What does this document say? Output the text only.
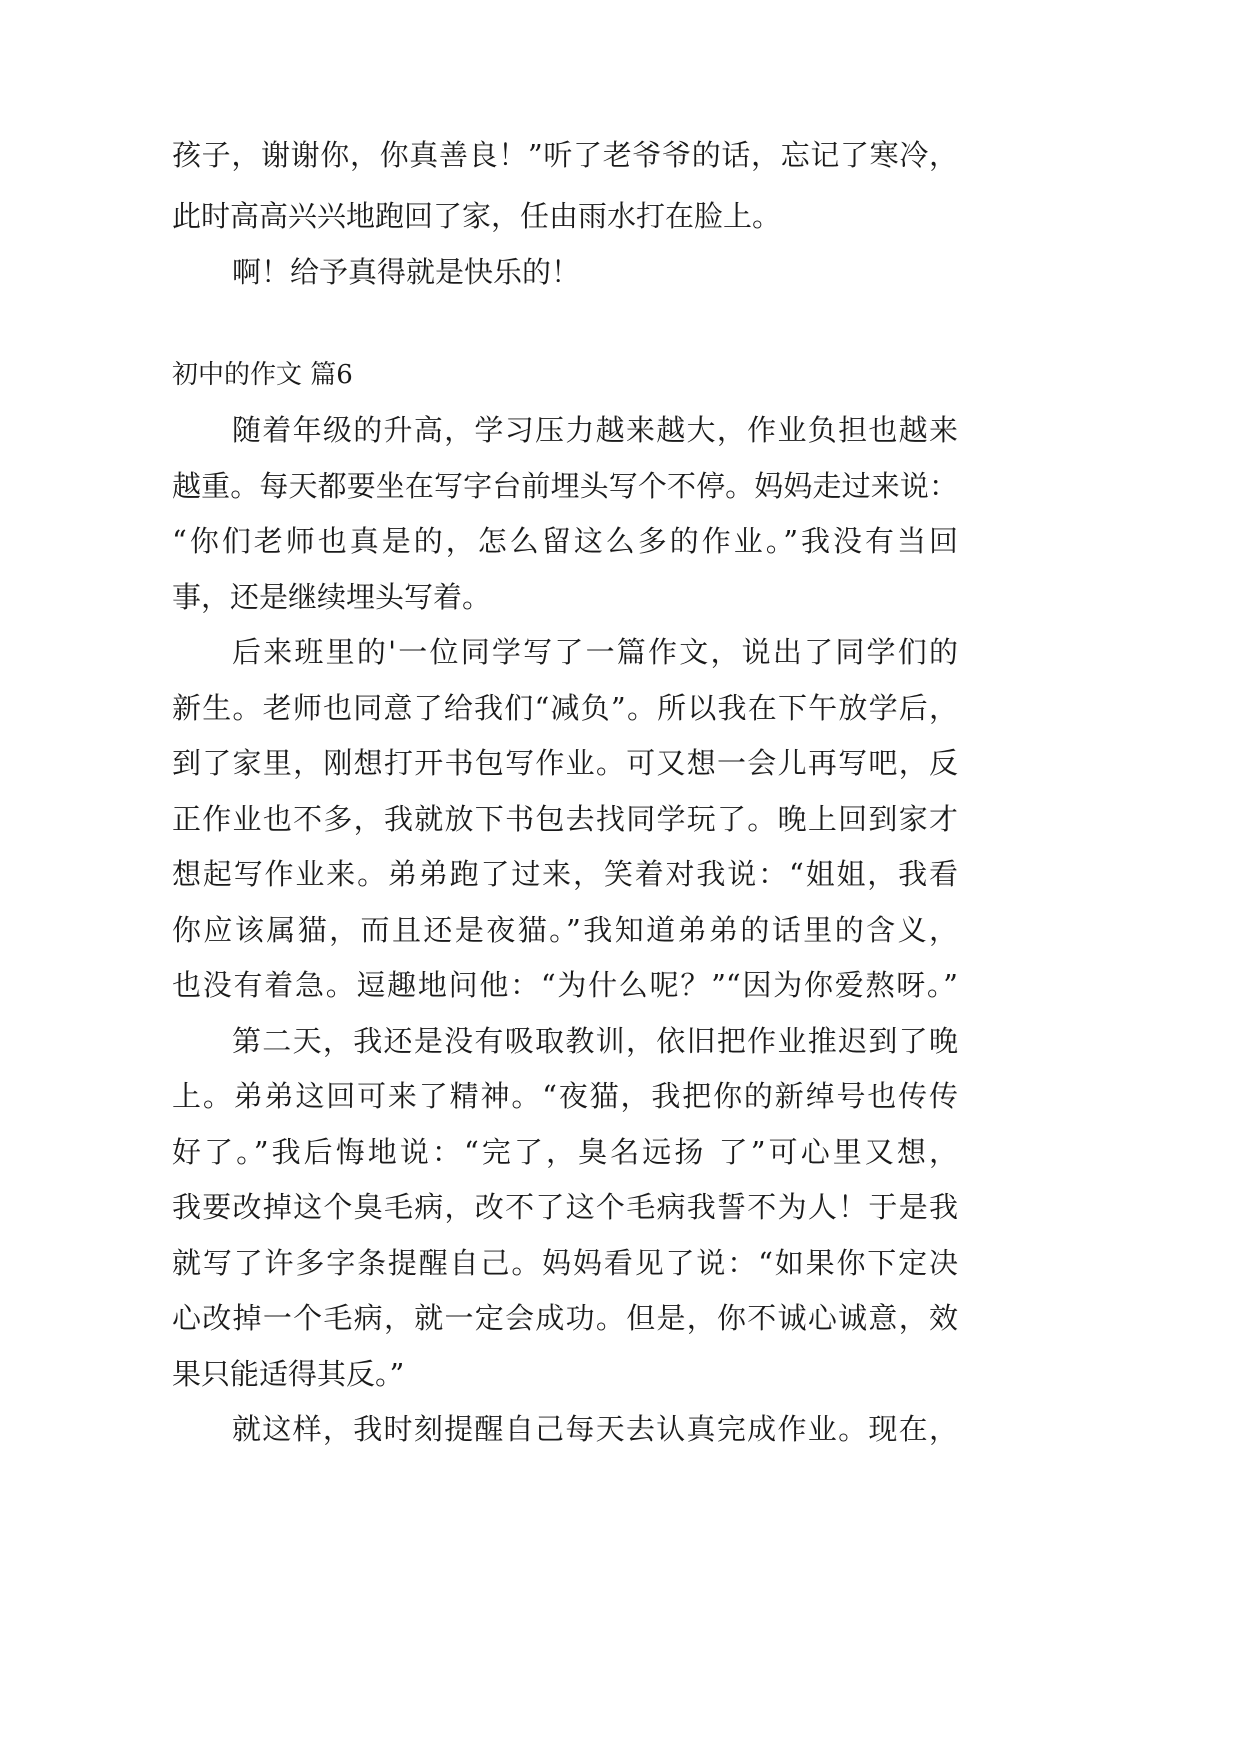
孩子，谢谢你，你真善良！”听了老爷爷的话，忘记了寒冷，
此时高高兴兴地跑回了家，任由雨水打在脸上。
啊！给予真得就是快乐的！
初中的作文 篇6
随着年级的升高，学习压力越来越大，作业负担也越来
越重。每天都要坐在写字台前埋头写个不停。妈妈走过来说：
“你们老师也真是的，怎么留这么多的作业。”我没有当回
事，还是继续埋头写着。
后来班里的'一位同学写了一篇作文，说出了同学们的
新生。老师也同意了给我们“减负”。所以我在下午放学后，
到了家里，刚想打开书包写作业。可又想一会儿再写吧，反
正作业也不多，我就放下书包去找同学玩了。晚上回到家才
想起写作业来。弟弟跑了过来，笑着对我说：“姐姐，我看
你应该属猫，而且还是夜猫。”我知道弟弟的话里的含义，
也没有着急。逗趣地问他：“为什么呢？”“因为你爱熬呀。”
第二天，我还是没有吸取教训，依旧把作业推迟到了晚
上。弟弟这回可来了精神。“夜猫，我把你的新绰号也传传
好了。”我后悔地说：“完了，臭名远扬 了”可心里又想，
我要改掉这个臭毛病，改不了这个毛病我誓不为人！于是我
就写了许多字条提醒自己。妈妈看见了说：“如果你下定决
心改掉一个毛病，就一定会成功。但是，你不诚心诚意，效
果只能适得其反。”
就这样，我时刻提醒自己每天去认真完成作业。现在，
